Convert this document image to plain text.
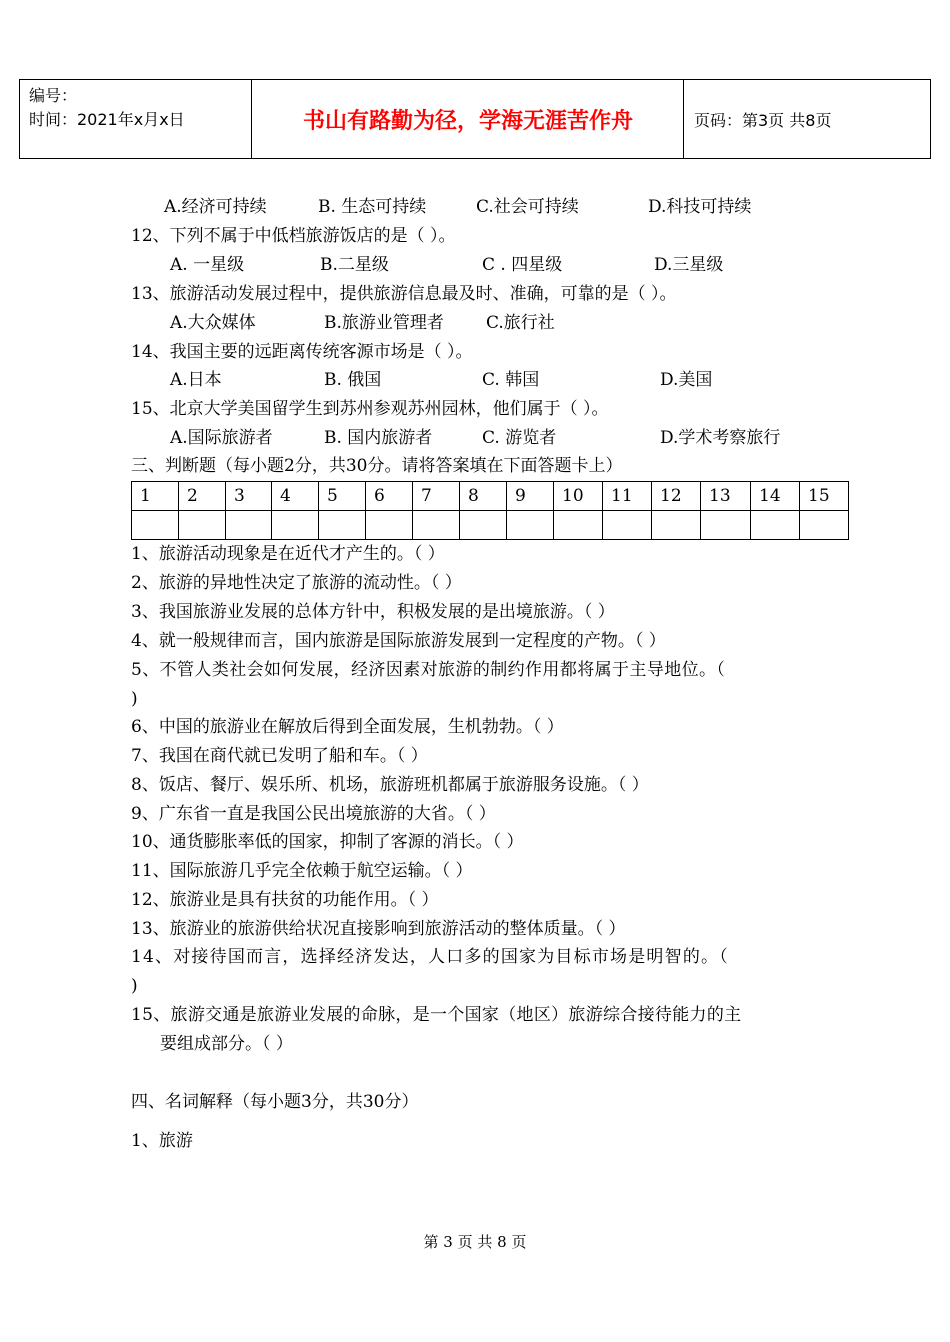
编号：
时间：2021年x月x日	书山有路勤为径，学海无涯苦作舟	页码：第3页 共8页
A.经济可持续	B. 生态可持续	C.社会可持续	D.科技可持续
12、下列不属于中低档旅游饭店的是（ ）。
A. 一星级	B.二星级	C . 四星级	D.三星级
13、旅游活动发展过程中，提供旅游信息最及时、准确，可靠的是（ ）。
A.大众媒体	B.旅游业管理者 C.旅行社
14、我国主要的远距离传统客源市场是（ ）。
A.日本	B. 俄国	C. 韩国	D.美国
15、北京大学美国留学生到苏州参观苏州园林，他们属于（ ）。
A.国际旅游者	B. 国内旅游者	C. 游览者	D.学术考察旅行
三、判断题（每小题2分，共30分。请将答案填在下面答题卡上）
1	2	3	4	5	6	7	8	9	10	11	12	13	14	15

1、旅游活动现象是在近代才产生的。（ ）
2、旅游的异地性决定了旅游的流动性。（ ）
3、我国旅游业发展的总体方针中，积极发展的是出境旅游。（ ）
4、就一般规律而言，国内旅游是国际旅游发展到一定程度的产物。（ ）
5、不管人类社会如何发展，经济因素对旅游的制约作用都将属于主导地位。（
)
6、中国的旅游业在解放后得到全面发展，生机勃勃。（ ）
7、我国在商代就已发明了船和车。（ ）
8、饭店、餐厅、娱乐所、机场，旅游班机都属于旅游服务设施。（ ）
9、广东省一直是我国公民出境旅游的大省。（ ）
10、通货膨胀率低的国家，抑制了客源的消长。（ ）
11、国际旅游几乎完全依赖于航空运输。（ ）
12、旅游业是具有扶贫的功能作用。（ ）
13、旅游业的旅游供给状况直接影响到旅游活动的整体质量。（ ）
14、对接待国而言，选择经济发达，人口多的国家为目标市场是明智的。（
)
15、旅游交通是旅游业发展的命脉，是一个国家（地区）旅游综合接待能力的主
要组成部分。（ ）
四、名词解释（每小题3分，共30分）
1、旅游
第 3 页 共 8 页
